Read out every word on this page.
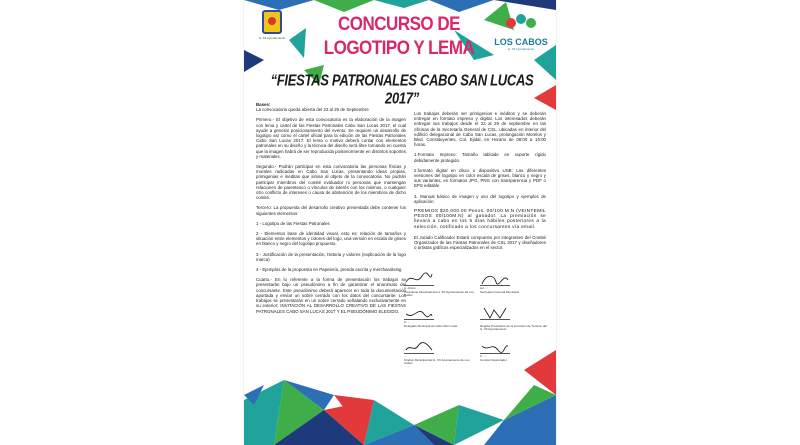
H. XII Ayuntamiento
CONCURSO DE
LOGOTIPO Y LEMA	LOS CABOS
H. XII Ayuntamiento
“FIESTAS PATRONALES CABO SAN LUCAS 2017”

Bases:
La convocatoria queda abierta del 22 al 29 de Septiembre

Primero.- El objetivo de esta convocatoria es la elaboración de la imagen con lema y cartel de las Fiestas Patronales Cabo San Lucas 2017, el cual ayude a generar posicionamiento del evento. Se requiere un desarrollo de logotipo así como el cartel oficial para la edición de las Fiestas Patronales Cabo San Lucas 2017. El lema o motivo deberá contar con elementos patronales en su diseño y la técnica del diseño será libre tomando en cuenta que la imagen habrá de ser reproducida posteriormente en distintos soportes y materiales.

Segundo.- Podrán participar en esta convocatoria las personas físicas y morales radicadas en Cabo San Lucas, presentando ideas propias, primigenias e inéditas que sirvan al objeto de la convocatoria. No podrán participar miembros del comité evaluador ni personas que mantengan relaciones de parentesco o vínculos de interés con los mismos, o cualquier otro conflicto de intereses o causa de abstención de los miembros de dicho comité.

Tercero: La propuesta del desarrollo creativo presentada debe contener los siguientes elementos:

1 - Logotipo de las Fiestas Patronales

2 - Elementos base de identidad visual, esto es: relación de tamaños y situación entre elementos y colores del logo, una versión en escala de grises en blanco y negro del logotipo propuesto.

3 - Justificación de la presentación, historia y valores (explicación de la logo marca)

4 - Ejemplos de la propuesta en Papelería, prenda escrita y merchandising

Cuarto.- En lo referente a la forma de presentación los trabajos se presentarán bajo un pseudónimo a fin de garantizar el anonimato del concursante. Este pseudónimo deberá aparecer en toda la documentación aportada y enviar un sobre cerrado con los datos del concursante. Los trabajos se presentarán en un sobre cerrado señalando exclusivamente en su exterior: INVITACIÓN AL DESARROLLO CREATIVO DE LAS FIESTAS PATRONALES CABO SAN LUCAS 2017 Y EL PSEUDÓNIMO ELEGIDO.

Los trabajos deberán ser primigenios e inéditos y se deberán entregar en formato impreso y digital. Los interesados deberán entregar sus trabajos desde el 22 al 29 de septiembre en las oficinas de la Secretaría General de CSL, ubicadas en interior del edificio delegacional de Cabo San Lucas, prolongación Morelos y Blvd. Constituyentes, Col. Ejidal, en Horario de 08:00 a 15:00 horas.

1.Formato Impreso: Tamaño tabloide en soporte rígido debidamente protegido.

2.formato digital en disco o dispositivo USB: Las diferentes versiones del logotipo en color escala de grises, blanco y negro y sus variantes, en formatos JPG, PNG con transparencia y PDF o EPS editable

3. Manual básico de imagen y uso del logotipo y ejemplos de aplicación

PREMIOS $20,000.00 Pesos, 00/100 M.N (VEINTEMIL PESOS 00/100M.N) al ganador. La premiación se llevará a cabo en los 5 días hábiles posteriores a la selección, notificado a los concursantes vía email.

El Jurado Calificador Estará compuesto por integrantes del Comité Organizador de las Fiestas Patronales de CSL 2017 y diseñadores o artistas gráficos especializados en el sector.

C. Arturo ...
Presidente Municipal del H. XII Ayuntamiento de Los Cabos
Lic. ...
Secretario General Municipal
C. ...
Delegado Municipal de Cabo San Lucas
...
Regidor Presidente de la Comisión de Turismo del H. XII Ayuntamiento
...
Síndico Municipal del H. XII Ayuntamiento de Los Cabos
C. ...
Comité Organizador
